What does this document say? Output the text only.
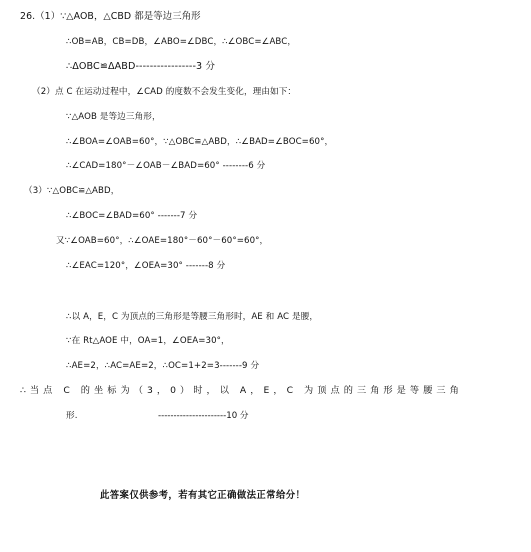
26.（1）∵△AOB，△CBD 都是等边三角形
∴OB=AB，CB=DB，∠ABO=∠DBC，∴∠OBC=∠ABC，
∴ΔOBC≌ΔABD-----------------3 分
（2）点 C 在运动过程中，∠CAD 的度数不会发生变化，理由如下：
∵△AOB 是等边三角形，
∴∠BOA=∠OAB=60°，∵△OBC≌△ABD，∴∠BAD=∠BOC=60°，
∴∠CAD=180°－∠OAB－∠BAD=60° --------6 分
（3）∵△OBC≌△ABD，
∴∠BOC=∠BAD=60° -------7 分
又∵∠OAB=60°，∴∠OAE=180°－60°－60°=60°，
∴∠EAC=120°，∠OEA=30° -------8 分
∴以 A，E，C 为顶点的三角形是等腰三角形时，AE 和 AC 是腰，
∵在 Rt△AOE 中，OA=1，∠OEA=30°，
∴AE=2，∴AC=AE=2，∴OC=1+2=3-------9 分
∴当点 C 的坐标为（3，0）时，以 A，E，C 为顶点的三角形是等腰三角
形.	----------------------10 分
此答案仅供参考，若有其它正确做法正常给分！
